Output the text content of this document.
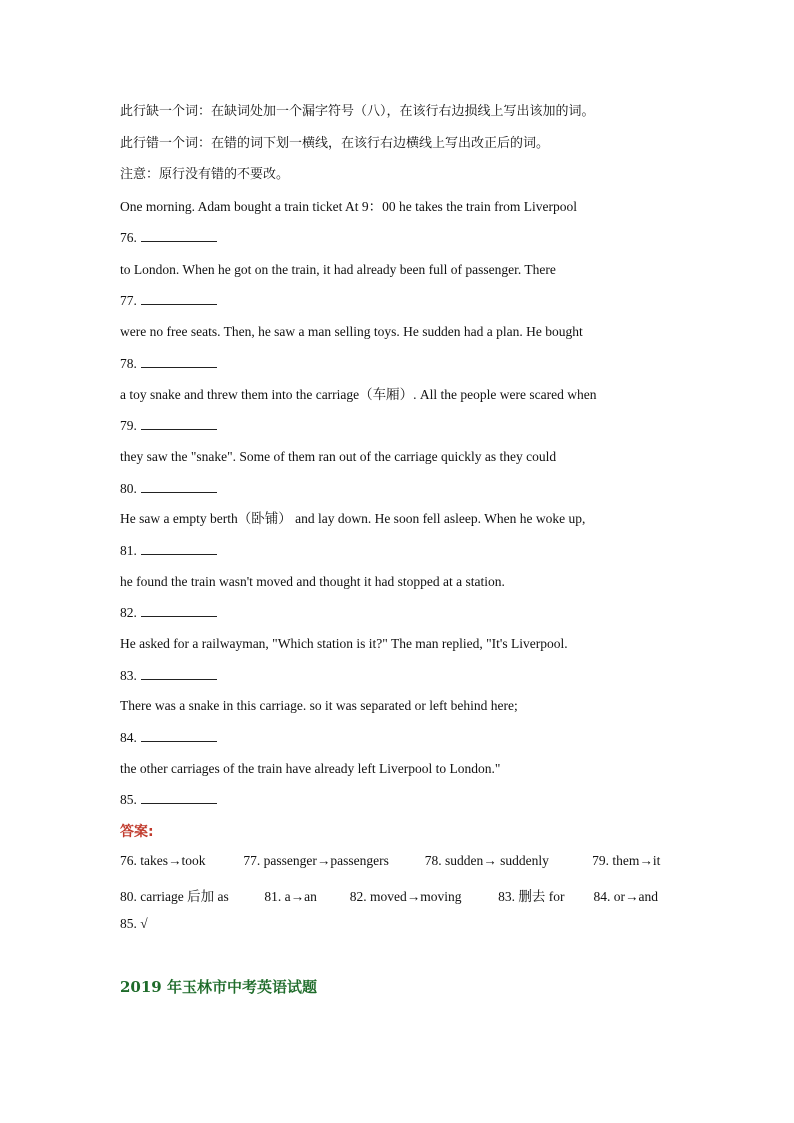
此行缺一个词：在缺词处加一个漏字符号（八），在该行右边损线上写出该加的词。
此行错一个词：在错的词下划一横线，在该行右边横线上写出改正后的词。
注意：原行没有错的不要改。
One morning. Adam bought a train ticket At 9：00 he takes the train from Liverpool
76.
to London. When he got on the train, it had already been full of passenger. There
77.
were no free seats. Then, he saw a man selling toys. He sudden had a plan. He bought
78.
a toy snake and threw them into the carriage（车厢）. All the people were scared when
79.
they saw the "snake". Some of them ran out of the carriage quickly as they could
80.
He saw a empty berth（卧铺） and lay down. He soon fell asleep. When he woke up,
81.
he found the train wasn't moved and thought it had stopped at a station.
82.
He asked for a railwayman, "Which station is it?" The man replied, "It's Liverpool.
83.
There was a snake in this carriage. so it was separated or left behind here;
84.
the other carriages of the train have already left Liverpool to London."
85.
答案:
76. takes→took	77. passenger→passengers	78. sudden→ suddenly	79. them→it
80. carriage 后加 as	81. a→an 82. moved→moving	83. 删去 for 84. or→and
85. √
2019 年玉林市中考英语试题
